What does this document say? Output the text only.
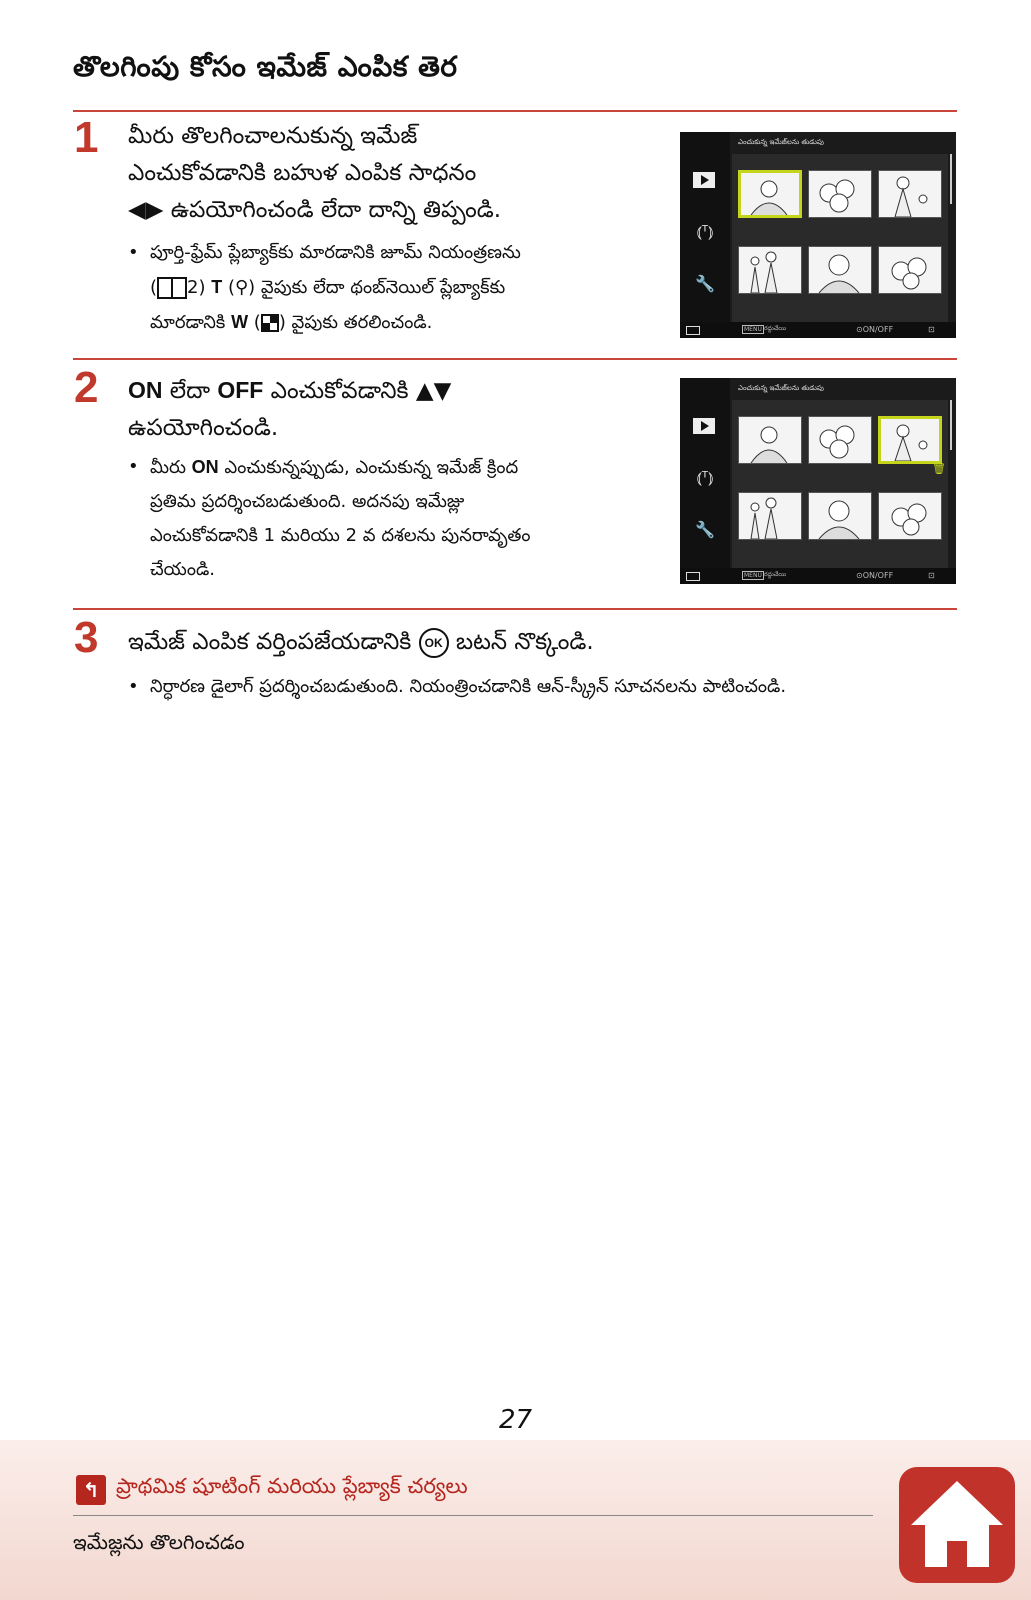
తొలగింపు కోసం ఇమేజ్ ఎంపిక తెర
1 మీరు తొలగించాలనుకున్న ఇమేజ్
ఎంచుకోవడానికి బహుళ ఎంపిక సాధనం
◀▶ ఉపయోగించండి లేదా దాన్ని తిప్పండి.
• పూర్తి-ఫ్రేమ్ ప్లేబ్యాక్‌కు మారడానికి జూమ్ నియంత్రణను
( 2) T (⚲) వైపుకు లేదా థంబ్‌నెయిల్ ప్లేబ్యాక్‌కు
మారడానికి W ( ) వైపుకు తరలించండి.
⦅ᵀ⦆
🔧
ఎంచుకున్న ఇమేజ్‌లను తుడుపు
MENU రద్దుచేయి	⊙ON/OFF	⊡
2 ON లేదా OFF ఎంచుకోవడానికి ▲▼
ఉపయోగించండి.
• మీరు ON ఎంచుకున్నప్పుడు, ఎంచుకున్న ఇమేజ్ క్రింద
ప్రతిమ ప్రదర్శించబడుతుంది. అదనపు ఇమేజ్లు
ఎంచుకోవడానికి 1 మరియు 2 వ దశలను పునరావృతం
చేయండి.
⦅ᵀ⦆
🔧
ఎంచుకున్న ఇమేజ్‌లను తుడుపు
🗑
MENU రద్దుచేయి	⊙ON/OFF	⊡
3 ఇమేజ్ ఎంపిక వర్తింపజేయడానికి OK బటన్ నొక్కండి.
• నిర్ధారణ డైలాగ్ ప్రదర్శించబడుతుంది. నియంత్రించడానికి ఆన్-స్క్రీన్ సూచనలను పాటించండి.
27
↰ ప్రాథమిక షూటింగ్ మరియు ప్లేబ్యాక్ చర్యలు
ఇమేజ్లను తొలగించడం
